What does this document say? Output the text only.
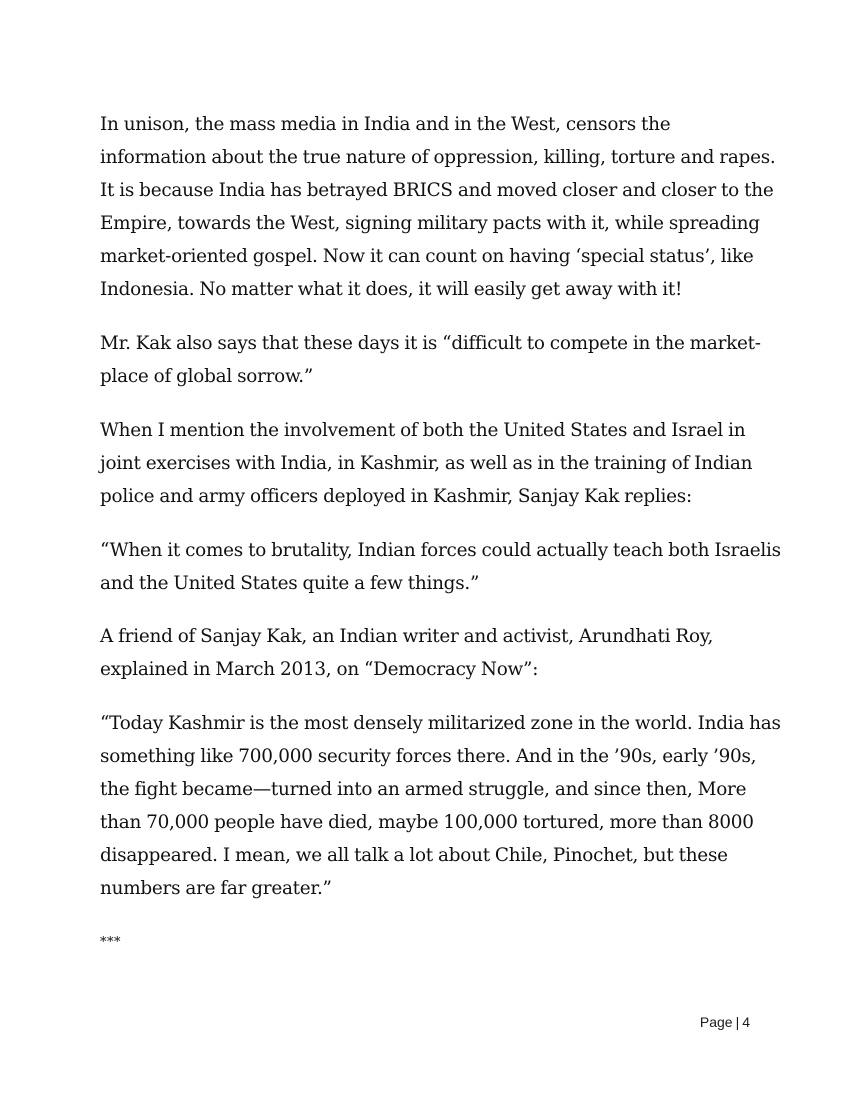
In unison, the mass media in India and in the West, censors the
information about the true nature of oppression, killing, torture and rapes.
It is because India has betrayed BRICS and moved closer and closer to the
Empire, towards the West, signing military pacts with it, while spreading
market-oriented gospel. Now it can count on having ‘special status’, like
Indonesia. No matter what it does, it will easily get away with it!

Mr. Kak also says that these days it is “difficult to compete in the market-
place of global sorrow.”

When I mention the involvement of both the United States and Israel in
joint exercises with India, in Kashmir, as well as in the training of Indian
police and army officers deployed in Kashmir, Sanjay Kak replies:

“When it comes to brutality, Indian forces could actually teach both Israelis
and the United States quite a few things.”

A friend of Sanjay Kak, an Indian writer and activist, Arundhati Roy,
explained in March 2013, on “Democracy Now”:

“Today Kashmir is the most densely militarized zone in the world. India has
something like 700,000 security forces there. And in the ’90s, early ’90s,
the fight became—turned into an armed struggle, and since then, More
than 70,000 people have died, maybe 100,000 tortured, more than 8000
disappeared. I mean, we all talk a lot about Chile, Pinochet, but these
numbers are far greater.”

***

Page | 4
